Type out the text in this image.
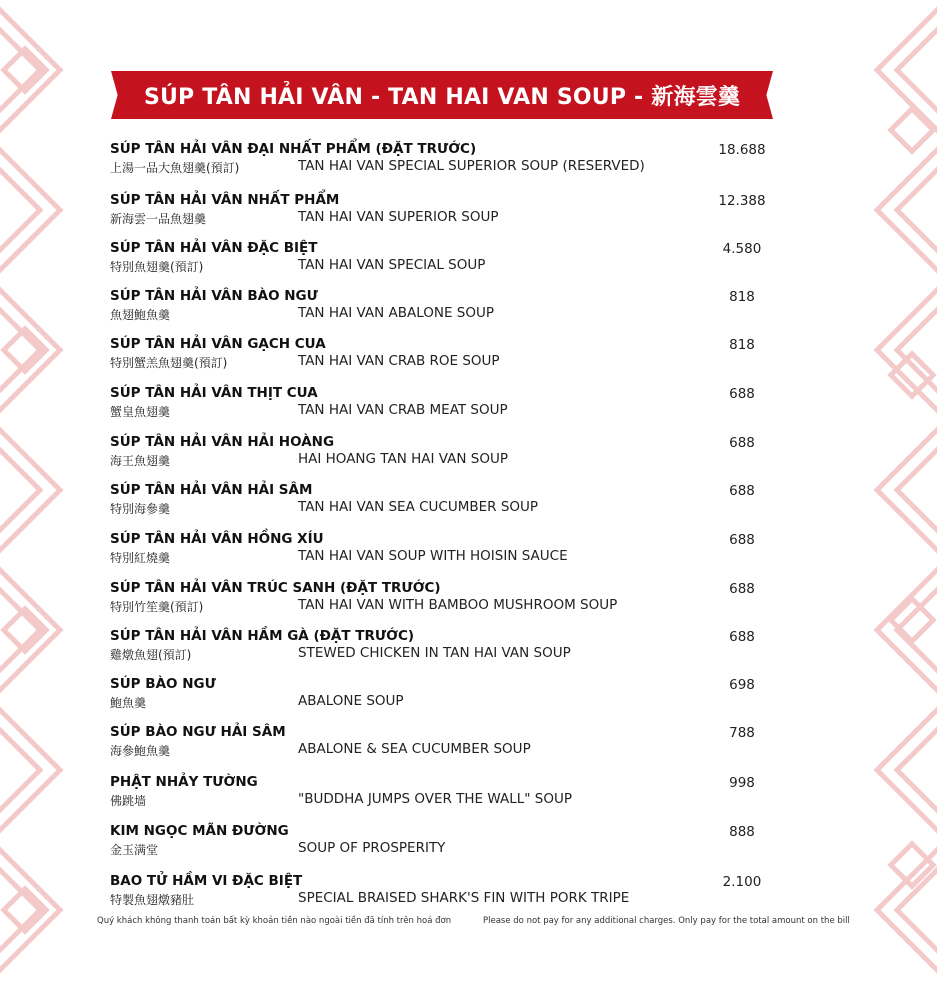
SÚP TÂN HẢI VÂN - TAN HAI VAN SOUP - 新海雲羹
SÚP TÂN HẢI VÂN ĐẠI NHẤT PHẨM (ĐẶT TRƯỚC)
上湯一品大魚翅羹(預訂)	TAN HAI VAN SPECIAL SUPERIOR SOUP (RESERVED)
18.688
SÚP TÂN HẢI VÂN NHẤT PHẨM
新海雲一品魚翅羹	TAN HAI VAN SUPERIOR SOUP
12.388
SÚP TÂN HẢI VÂN ĐẶC BIỆT
特別魚翅羹(預訂)	TAN HAI VAN SPECIAL SOUP
4.580
SÚP TÂN HẢI VÂN BÀO NGƯ
魚翅鮑魚羹	TAN HAI VAN ABALONE SOUP
818
SÚP TÂN HẢI VÂN GẠCH CUA
特別蟹羔魚翅羹(預訂)	TAN HAI VAN CRAB ROE SOUP
818
SÚP TÂN HẢI VÂN THỊT CUA
蟹皇魚翅羹	TAN HAI VAN CRAB MEAT SOUP
688
SÚP TÂN HẢI VÂN HẢI HOÀNG
海王魚翅羹	HAI HOANG TAN HAI VAN SOUP
688
SÚP TÂN HẢI VÂN HẢI SÂM
特別海參羹	TAN HAI VAN SEA CUCUMBER SOUP
688
SÚP TÂN HẢI VÂN HỒNG XÍU
特別紅燒羹	TAN HAI VAN SOUP WITH HOISIN SAUCE
688
SÚP TÂN HẢI VÂN TRÚC SANH (ĐẶT TRƯỚC)
特別竹笙羹(預訂)	TAN HAI VAN WITH BAMBOO MUSHROOM SOUP
688
SÚP TÂN HẢI VÂN HẦM GÀ (ĐẶT TRƯỚC)
雞燉魚翅(預訂)	STEWED CHICKEN IN TAN HAI VAN SOUP
688
SÚP BÀO NGƯ
鮑魚羹	ABALONE SOUP
698
SÚP BÀO NGƯ HẢI SÂM
海參鮑魚羹	ABALONE & SEA CUCUMBER SOUP
788
PHẬT NHẢY TƯỜNG
佛跳墙	"BUDDHA JUMPS OVER THE WALL" SOUP
998
KIM NGỌC MÃN ĐƯỜNG
金玉满堂	SOUP OF PROSPERITY
888
BAO TỬ HẦM VI ĐẶC BIỆT
特製魚翅燉豬肚	SPECIAL BRAISED SHARK'S FIN WITH PORK TRIPE
2.100
Quý khách không thanh toán bất kỳ khoản tiền nào ngoài tiền đã tính trên hoá đơn	Please do not pay for any additional charges. Only pay for the total amount on the bill
